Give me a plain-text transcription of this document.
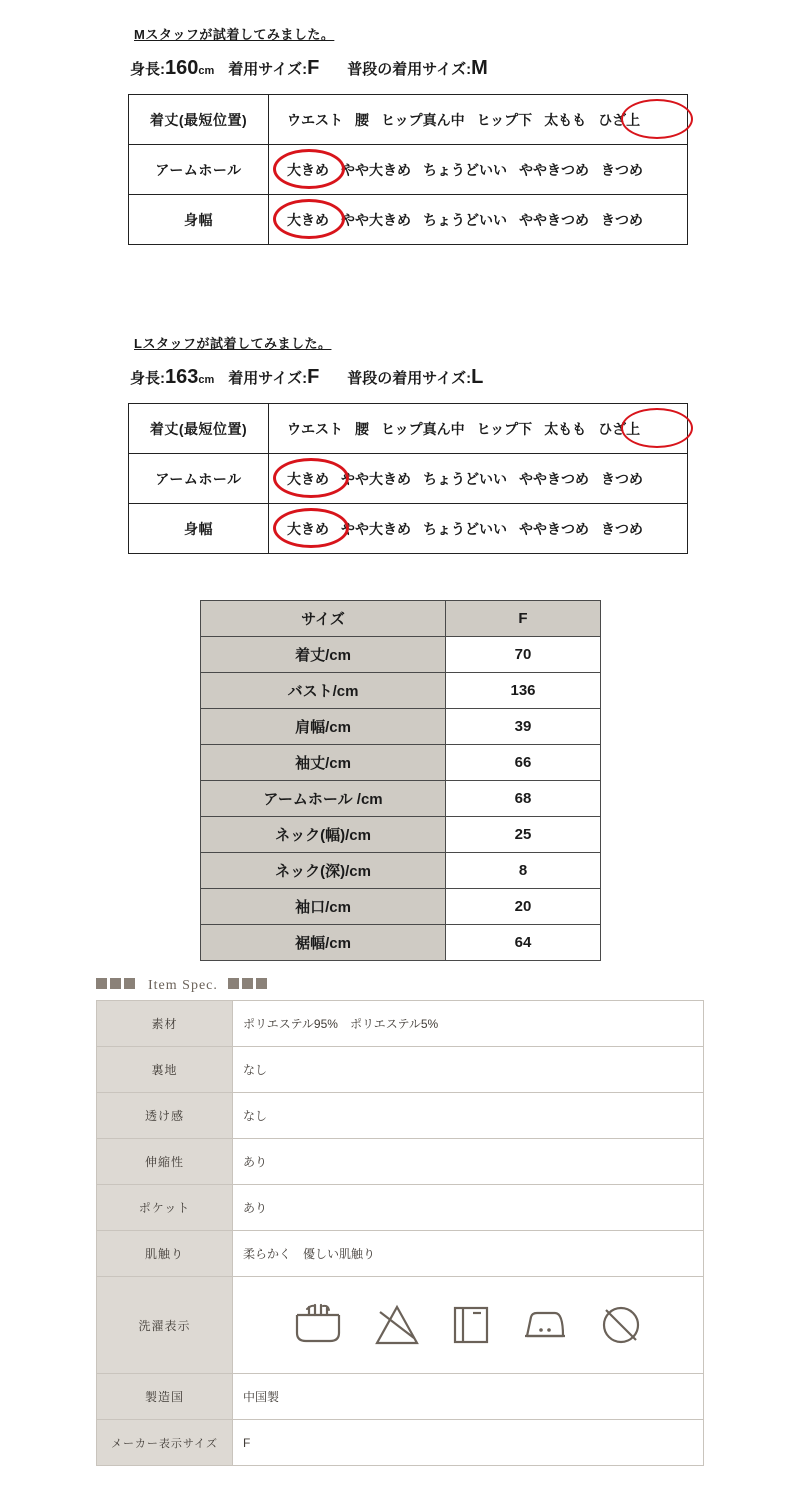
Mスタッフが試着してみました。
身長:160cm 着用サイズ:F 普段の着用サイズ:M
着丈(最短位置)	ウエスト 腰 ヒップ真ん中 ヒップ下 太もも ひざ上

アームホール	大きめ やや大きめ ちょうどいい ややきつめ きつめ

身幅	大きめ やや大きめ ちょうどいい ややきつめ きつめ
Lスタッフが試着してみました。
身長:163cm 着用サイズ:F 普段の着用サイズ:L
着丈(最短位置)	ウエスト 腰 ヒップ真ん中 ヒップ下 太もも ひざ上

アームホール	大きめ やや大きめ ちょうどいい ややきつめ きつめ

身幅	大きめ やや大きめ ちょうどいい ややきつめ きつめ
サイズ	F
着丈/cm	70
バスト/cm	136
肩幅/cm	39
袖丈/cm	66
アームホール /cm	68
ネック(幅)/cm	25
ネック(深)/cm	8
袖口/cm	20
裾幅/cm	64
Item Spec.
素材	ポリエステル95%　ポリエステル5%
裏地	なし
透け感	なし
伸縮性	あり
ポケット	あり
肌触り	柔らかく　優しい肌触り
洗濯表示	

製造国	中国製
メーカー表示サイズ	F
